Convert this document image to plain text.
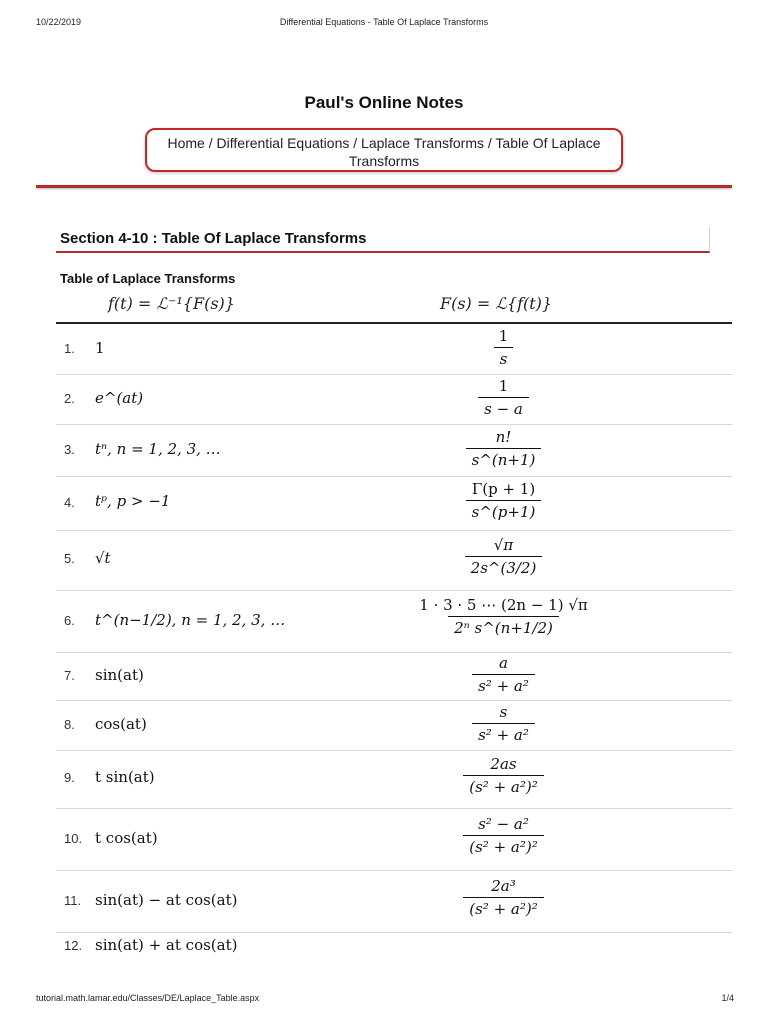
10/22/2019	Differential Equations - Table Of Laplace Transforms
Paul's Online Notes
Home / Differential Equations / Laplace Transforms / Table Of Laplace Transforms
Section 4-10 : Table Of Laplace Transforms
Table of Laplace Transforms
f(t) = ℒ⁻¹{F(s)}	F(s) = ℒ{f(t)}
1. 1	$\frac{1}{s}$
2. e^(at)	$\frac{1}{s - a}$
3. tⁿ, n = 1, 2, 3, …	$\frac{n!}{s\^{}(n+1)}$
4. tᵖ, p > −1	$\frac{\Gamma(p + 1)}{s\^{}(p+1)}$
5. √t	$\frac{√\pi}{2s\^{}(3/2)}$
6. t^(n−1/2), n = 1, 2, 3, …	$\frac{1 \cdot 3 \cdot 5 \cdots (2n - 1) √\pi}{\text{2ⁿ s\textasciicircum{}(n+1/2)}}$
7. sin(at)	$\frac{a}{\text{s² + a²}}$
8. cos(at)	$\frac{s}{\text{s² + a²}}$
9. t sin(at)	$\frac{2as}{\text{(s² + a²)²}}$
10. t cos(at)	$\frac{\text{s² − a²}}{\text{(s² + a²)²}}$
11. sin(at) − at cos(at)	$\frac{\text{2a³}}{\text{(s² + a²)²}}$
12. sin(at) + at cos(at)
tutorial.math.lamar.edu/Classes/DE/Laplace_Table.aspx	1/4
